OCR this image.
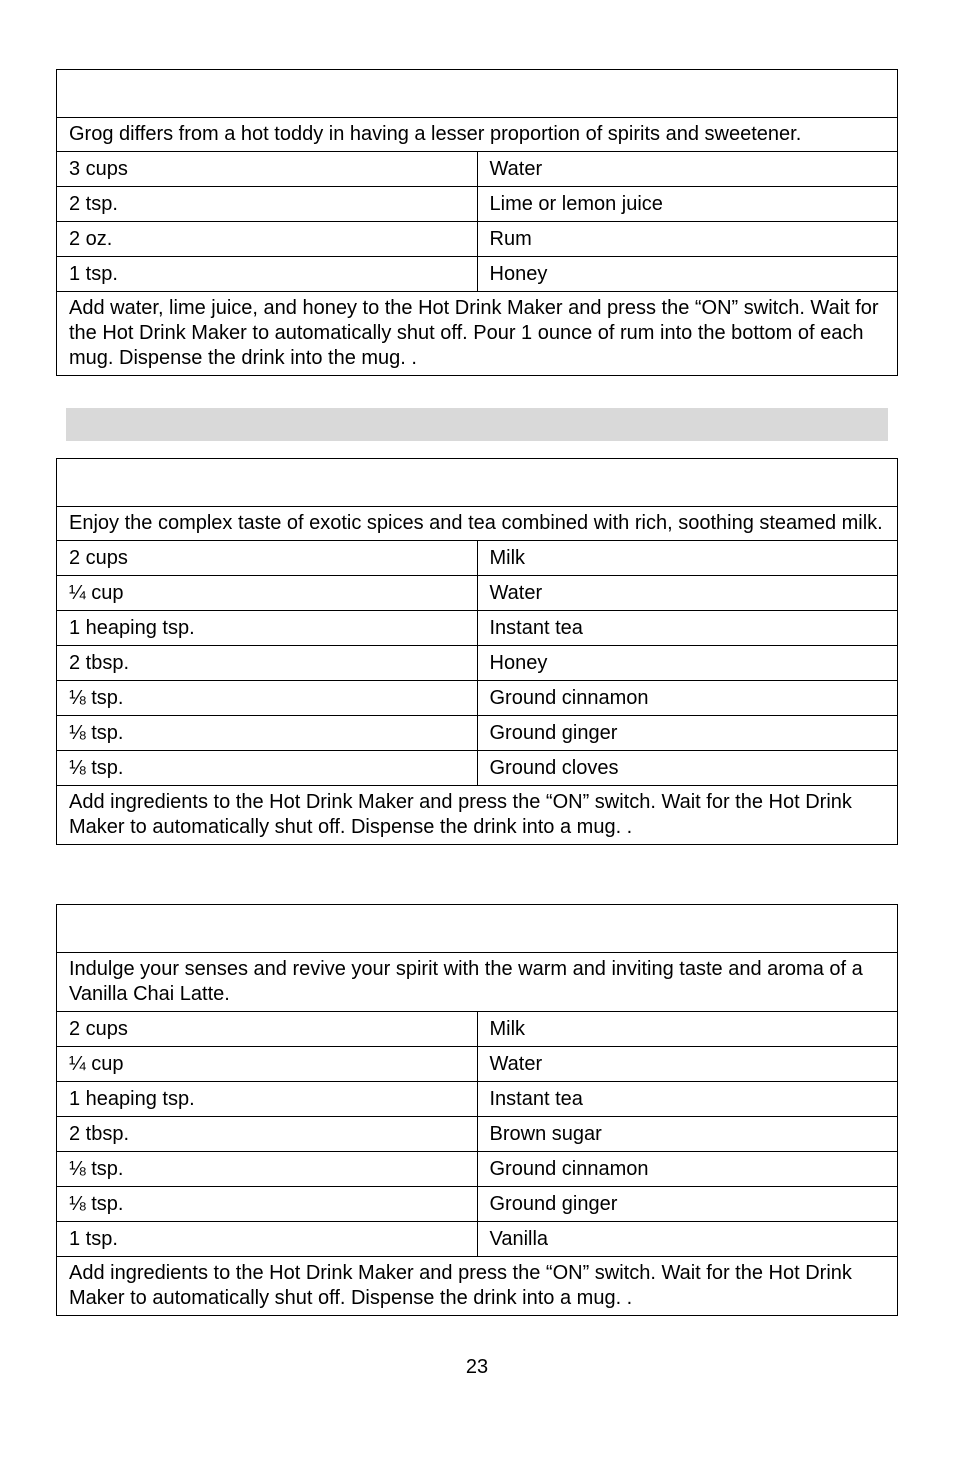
Grog differs from a hot toddy in having a lesser proportion of spirits and sweetener.	
3 cups	Water
2 tsp.	Lime or lemon juice
2 oz.	Rum
1 tsp.	Honey
Add water, lime juice, and honey to the Hot Drink Maker and press the “ON” switch. Wait for the Hot Drink Maker to automatically shut off. Pour 1 ounce of rum into the bottom of each mug. Dispense the drink into the mug. .	

Enjoy the complex taste of exotic spices and tea combined with rich, soothing steamed milk.	
2 cups	Milk
¼ cup	Water
1 heaping tsp.	Instant tea
2 tbsp.	Honey
⅛ tsp.	Ground cinnamon
⅛ tsp.	Ground ginger
⅛ tsp.	Ground cloves
Add ingredients to the Hot Drink Maker and press the “ON” switch. Wait for the Hot Drink Maker to automatically shut off. Dispense the drink into a mug. .	

Indulge your senses and revive your spirit with the warm and inviting taste and aroma of a Vanilla Chai Latte.	
2 cups	Milk
¼ cup	Water
1 heaping tsp.	Instant tea
2 tbsp.	Brown sugar
⅛ tsp.	Ground cinnamon
⅛ tsp.	Ground ginger
1 tsp.	Vanilla
Add ingredients to the Hot Drink Maker and press the “ON” switch. Wait for the Hot Drink Maker to automatically shut off. Dispense the drink into a mug. .	
23
